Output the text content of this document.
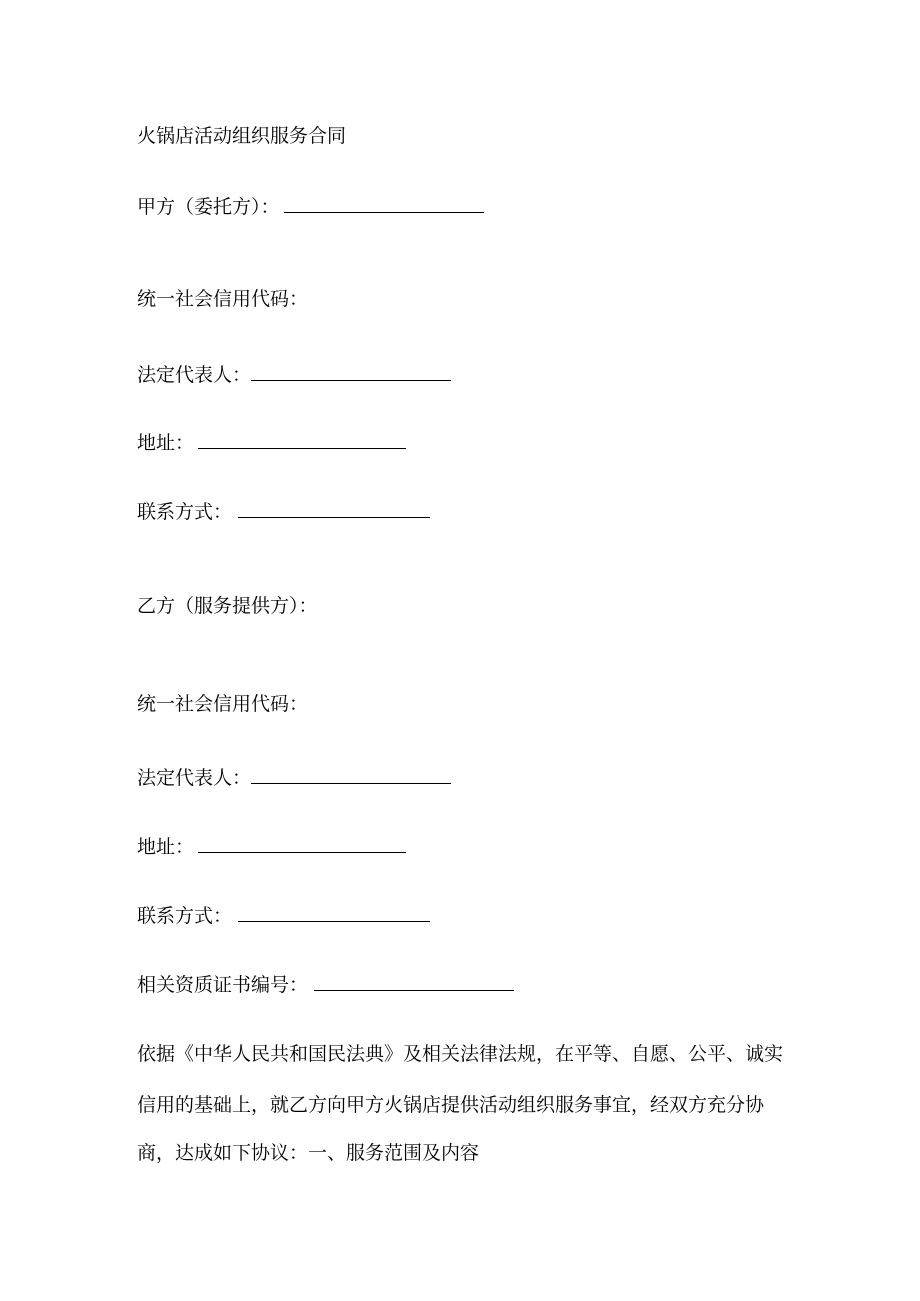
火锅店活动组织服务合同
甲方（委托方）：
统一社会信用代码：
法定代表人：
地址：
联系方式：
乙方（服务提供方）：
统一社会信用代码：
法定代表人：
地址：
联系方式：
相关资质证书编号：
依据《中华人民共和国民法典》及相关法律法规，在平等、自愿、公平、诚实
信用的基础上，就乙方向甲方火锅店提供活动组织服务事宜，经双方充分协
商，达成如下协议：一、服务范围及内容
